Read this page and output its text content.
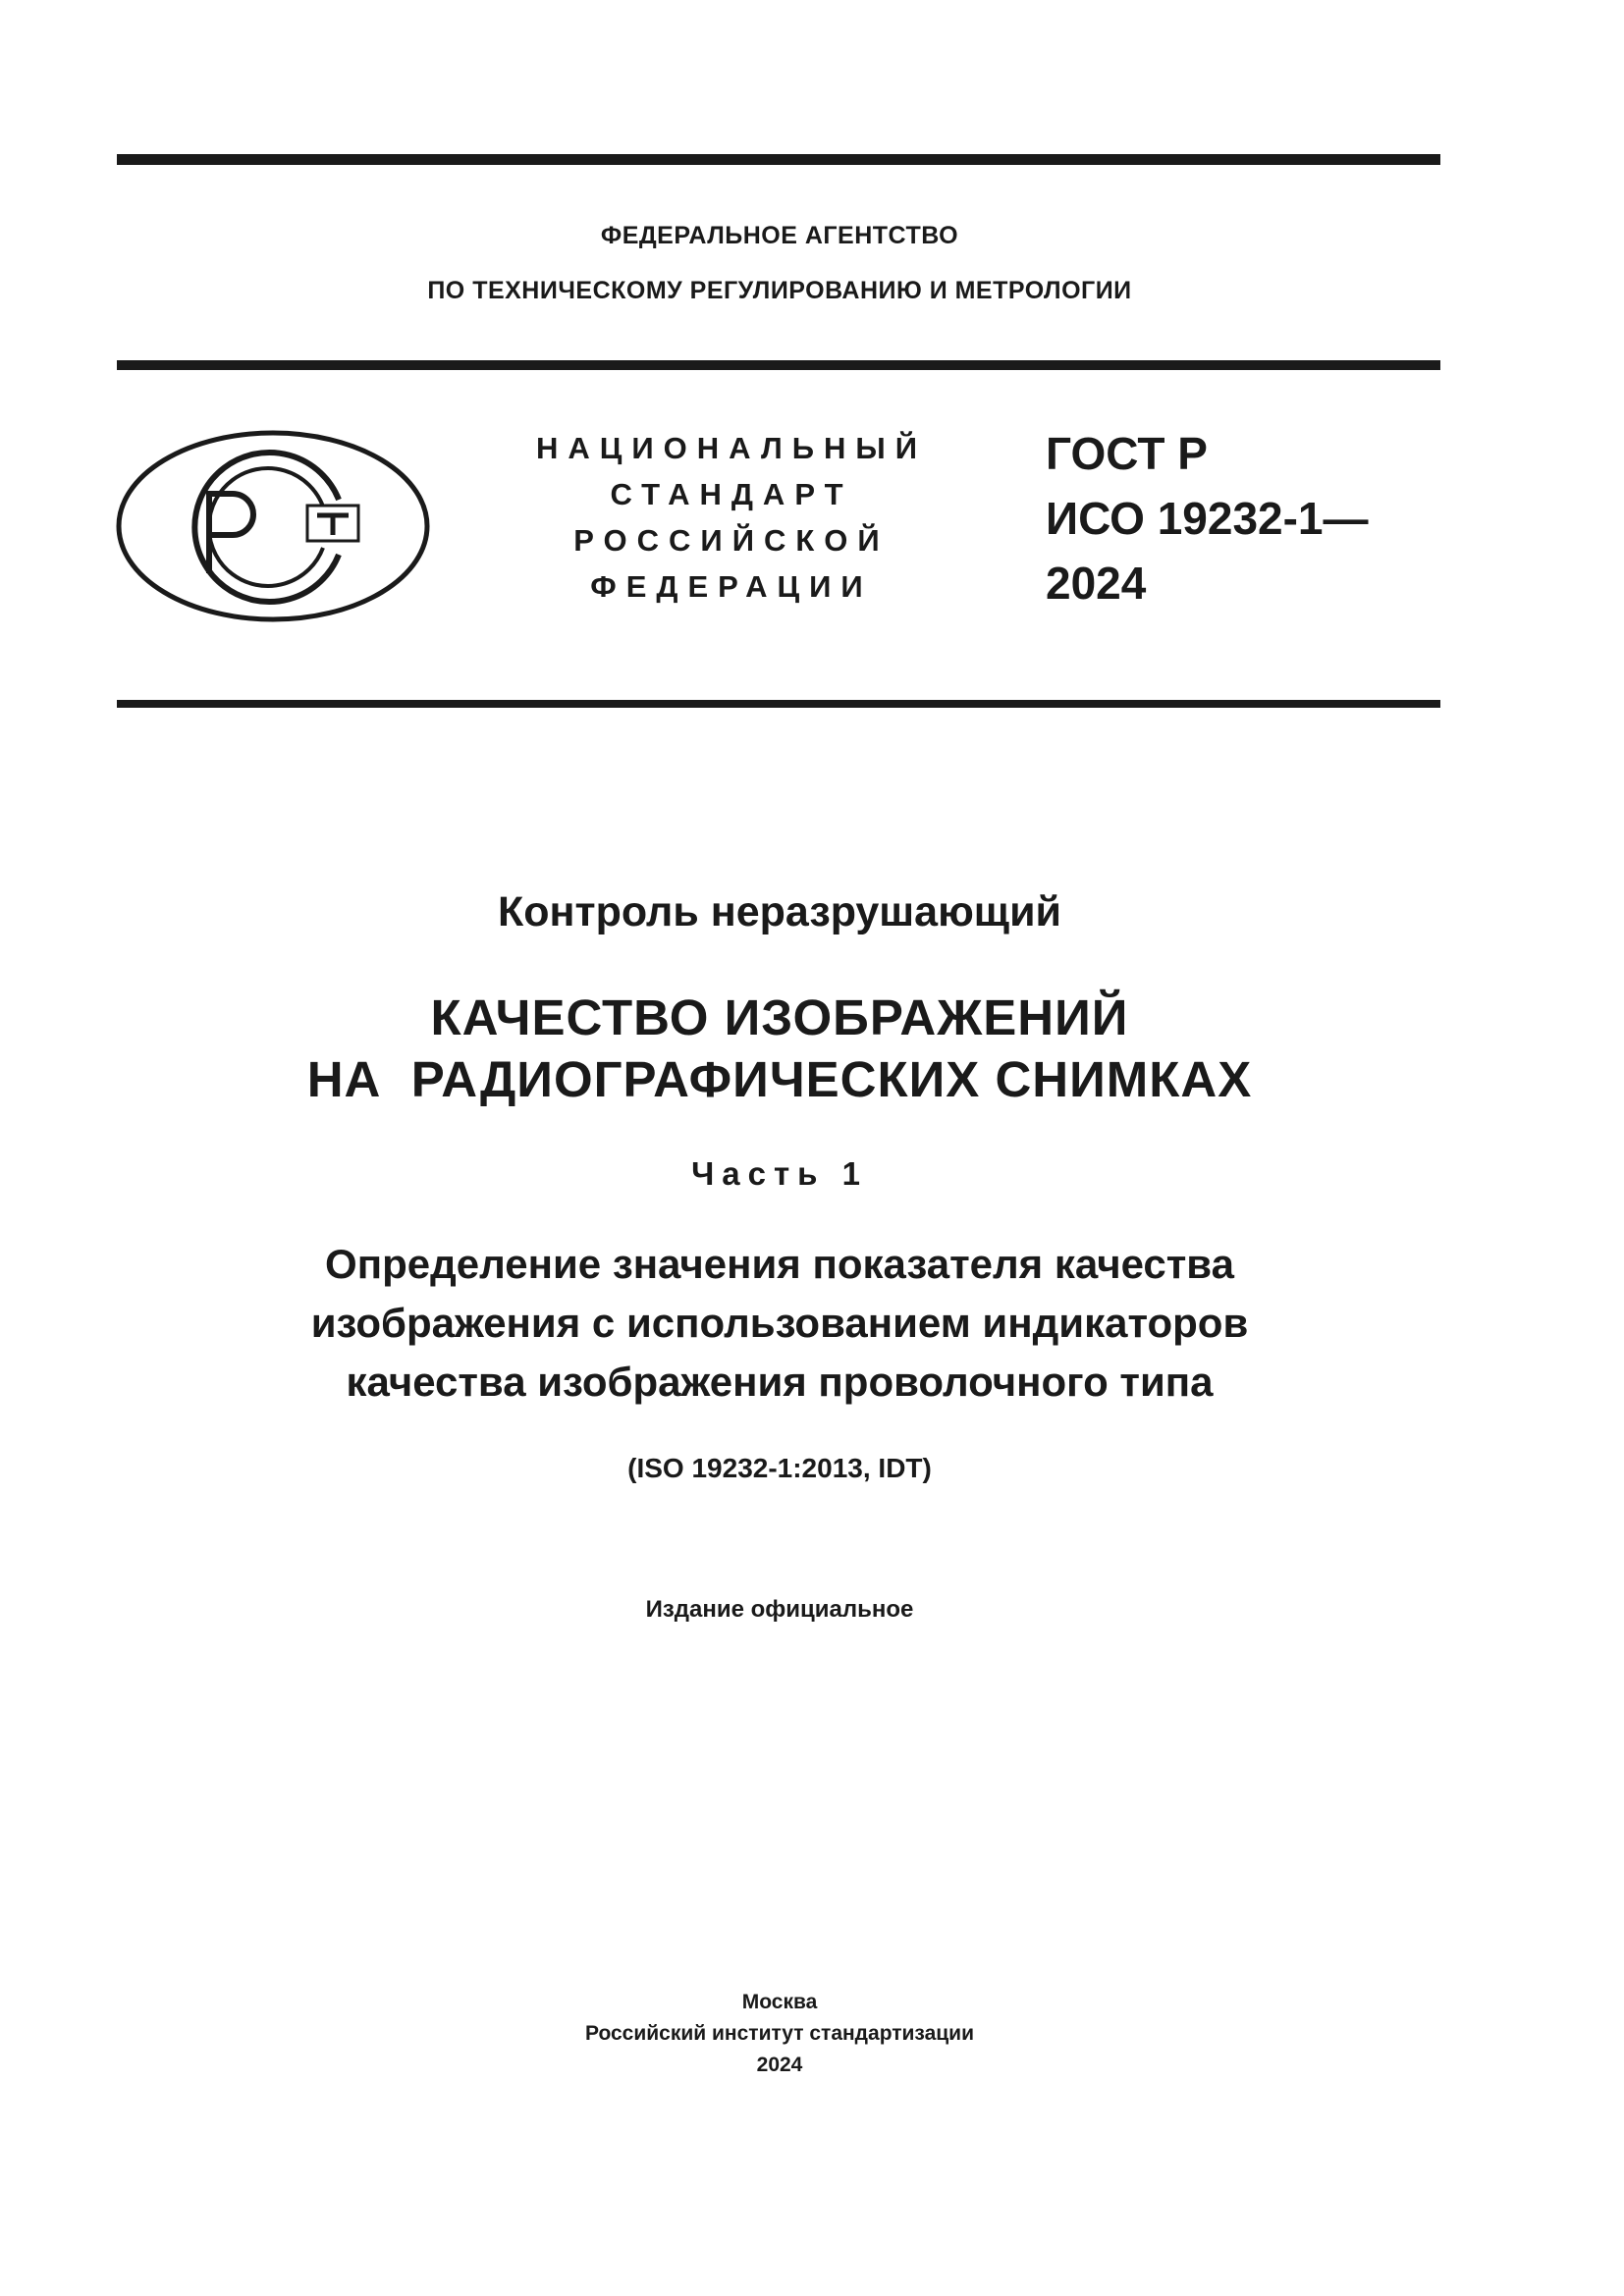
ФЕДЕРАЛЬНОЕ АГЕНТСТВО
ПО ТЕХНИЧЕСКОМУ РЕГУЛИРОВАНИЮ И МЕТРОЛОГИИ
НАЦИОНАЛЬНЫЙ
СТАНДАРТ
РОССИЙСКОЙ
ФЕДЕРАЦИИ
ГОСТ Р
ИСО 19232-1—
2024
Контроль неразрушающий
КАЧЕСТВО ИЗОБРАЖЕНИЙ
НА  РАДИОГРАФИЧЕСКИХ СНИМКАХ
Часть 1
Определение значения показателя качества
изображения с использованием индикаторов
качества изображения проволочного типа
(ISO 19232-1:2013, IDT)
Издание официальное
Москва
Российский институт стандартизации
2024
